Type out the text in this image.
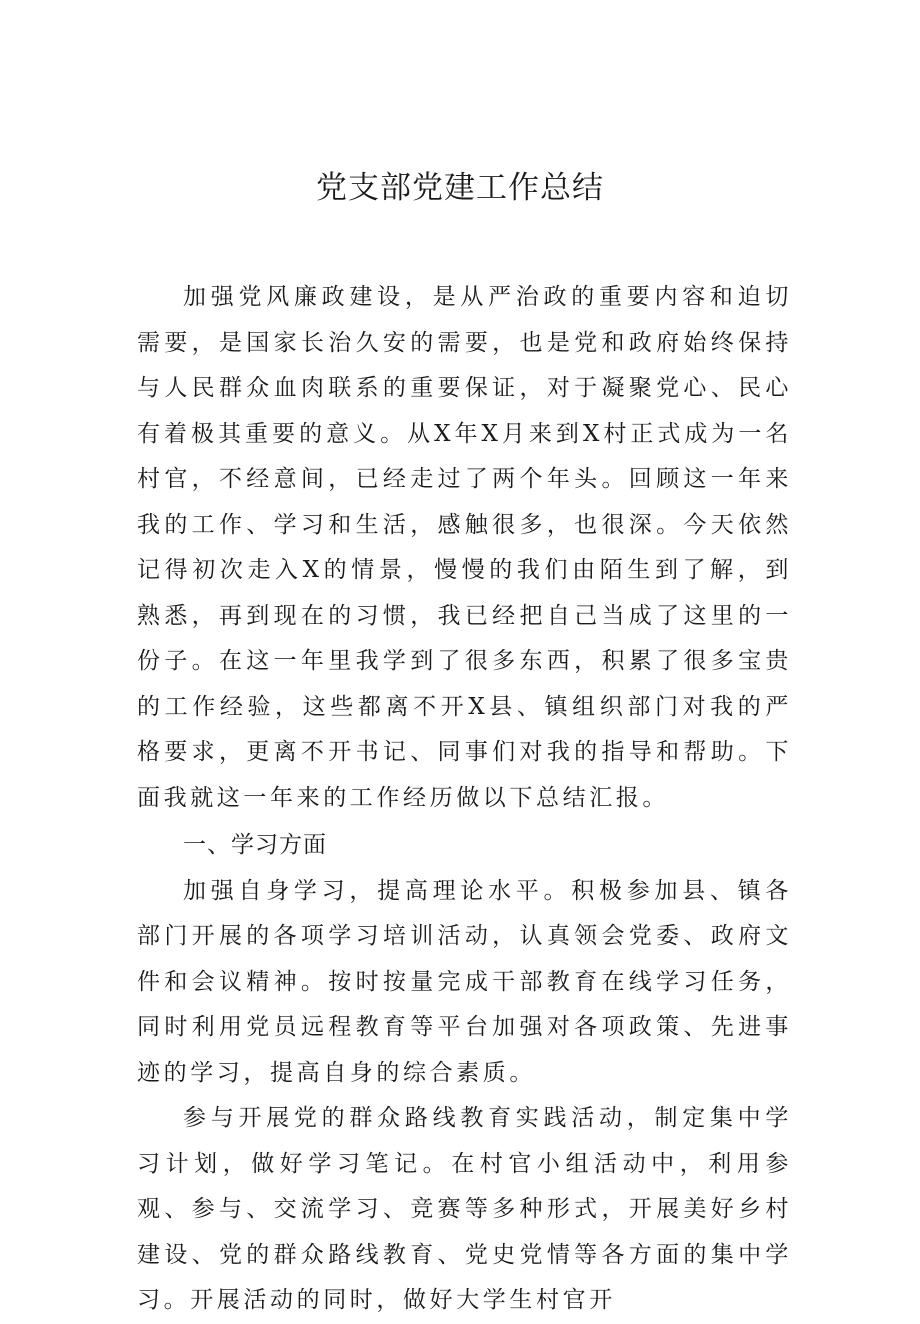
党支部党建工作总结

加强党风廉政建设，是从严治政的重要内容和迫切需要，是国家长治久安的需要，也是党和政府始终保持与人民群众血肉联系的重要保证，对于凝聚党心、民心有着极其重要的意义。从X年X月来到X村正式成为一名村官，不经意间，已经走过了两个年头。回顾这一年来我的工作、学习和生活，感触很多，也很深。今天依然记得初次走入X的情景，慢慢的我们由陌生到了解，到熟悉，再到现在的习惯，我已经把自己当成了这里的一份子。在这一年里我学到了很多东西，积累了很多宝贵的工作经验，这些都离不开X县、镇组织部门对我的严格要求，更离不开书记、同事们对我的指导和帮助。下面我就这一年来的工作经历做以下总结汇报。

一、学习方面

加强自身学习，提高理论水平。积极参加县、镇各部门开展的各项学习培训活动，认真领会党委、政府文件和会议精神。按时按量完成干部教育在线学习任务，同时利用党员远程教育等平台加强对各项政策、先进事迹的学习，提高自身的综合素质。

参与开展党的群众路线教育实践活动，制定集中学习计划，做好学习笔记。在村官小组活动中，利用参观、参与、交流学习、竞赛等多种形式，开展美好乡村建设、党的群众路线教育、党史党情等各方面的集中学习。开展活动的同时，做好大学生村官开
